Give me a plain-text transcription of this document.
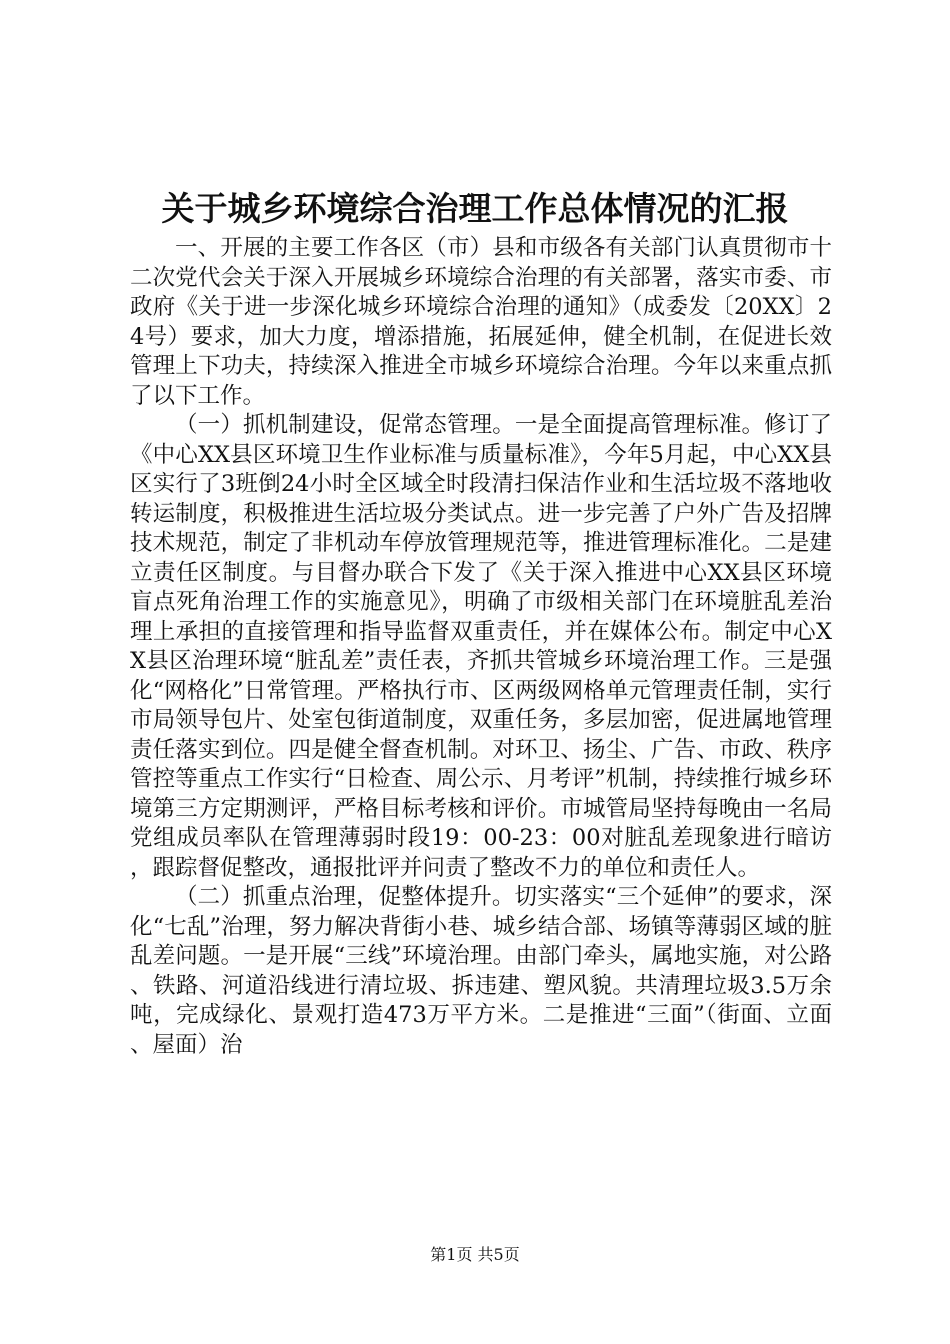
关于城乡环境综合治理工作总体情况的汇报

一、开展的主要工作各区（市）县和市级各有关部门认真贯彻市十二次党代会关于深入开展城乡环境综合治理的有关部署，落实市委、市政府《关于进一步深化城乡环境综合治理的通知》（成委发〔20XX〕24号）要求，加大力度，增添措施，拓展延伸，健全机制，在促进长效管理上下功夫，持续深入推进全市城乡环境综合治理。今年以来重点抓了以下工作。

（一）抓机制建设，促常态管理。一是全面提高管理标准。修订了《中心XX县区环境卫生作业标准与质量标准》，今年5月起，中心XX县区实行了3班倒24小时全区域全时段清扫保洁作业和生活垃圾不落地收转运制度，积极推进生活垃圾分类试点。进一步完善了户外广告及招牌技术规范，制定了非机动车停放管理规范等，推进管理标准化。二是建立责任区制度。与目督办联合下发了《关于深入推进中心XX县区环境盲点死角治理工作的实施意见》，明确了市级相关部门在环境脏乱差治理上承担的直接管理和指导监督双重责任，并在媒体公布。制定中心XX县区治理环境“脏乱差”责任表，齐抓共管城乡环境治理工作。三是强化“网格化”日常管理。严格执行市、区两级网格单元管理责任制，实行市局领导包片、处室包街道制度，双重任务，多层加密，促进属地管理责任落实到位。四是健全督查机制。对环卫、扬尘、广告、市政、秩序管控等重点工作实行“日检查、周公示、月考评”机制，持续推行城乡环境第三方定期测评，严格目标考核和评价。市城管局坚持每晚由一名局党组成员率队在管理薄弱时段19：00-23：00对脏乱差现象进行暗访，跟踪督促整改，通报批评并问责了整改不力的单位和责任人。

（二）抓重点治理，促整体提升。切实落实“三个延伸”的要求，深化“七乱”治理，努力解决背街小巷、城乡结合部、场镇等薄弱区域的脏乱差问题。一是开展“三线”环境治理。由部门牵头，属地实施，对公路、铁路、河道沿线进行清垃圾、拆违建、塑风貌。共清理垃圾3.5万余吨，完成绿化、景观打造473万平方米。二是推进“三面”（街面、立面、屋面）治

第1页 共5页
